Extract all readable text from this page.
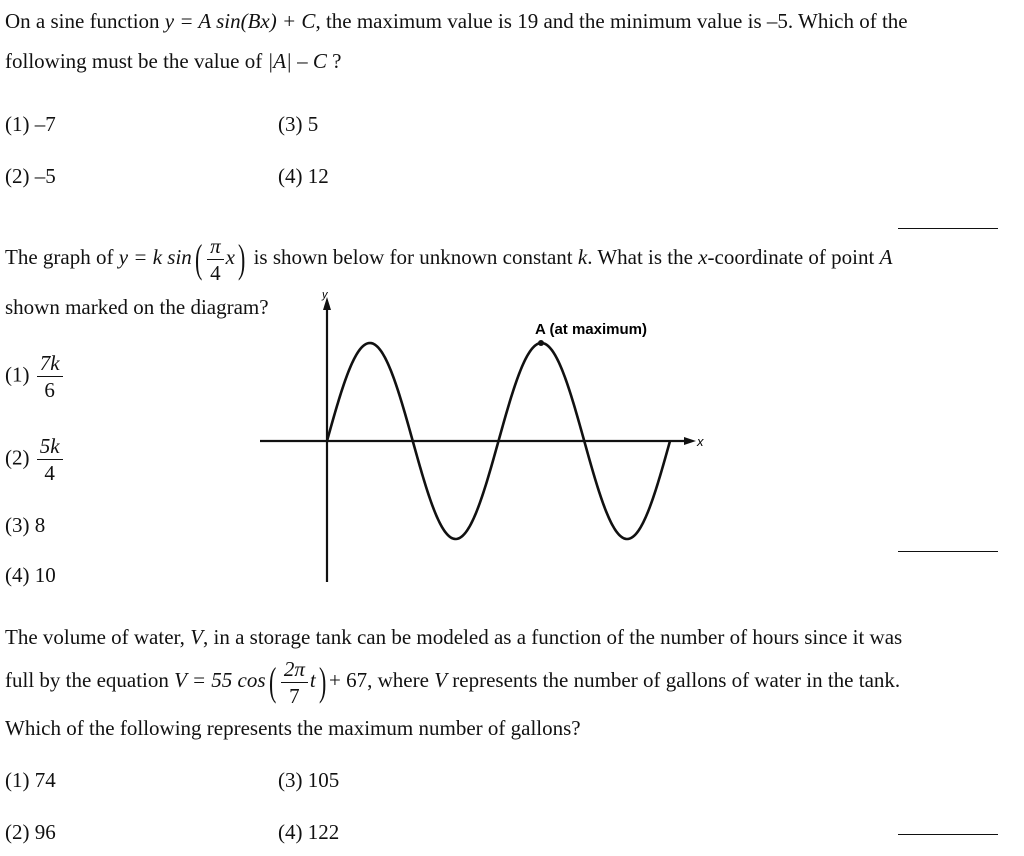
On a sine function y = A sin(Bx) + C, the maximum value is 19 and the minimum value is –5. Which of the
following must be the value of |A| – C ?
(1) –7
(2) –5
(3) 5
(4) 12
The graph of y = k $\sin( \frac{\pi}{4} x)$ is shown below for unknown constant k. What is the x-coordinate of point A
shown marked on the diagram?
$(1) \frac{7k}{6}$
$(2) \frac{5k}{4}$
(3) 8
(4) 10
y
x
A (at maximum)
The volume of water, V, in a storage tank can be modeled as a function of the number of hours since it was
full by the equation V = 55 $\cos( \frac{2\pi}{7} t) + 67$, where V represents the number of gallons of water in the tank.
Which of the following represents the maximum number of gallons?
(1) 74
(2) 96
(3) 105
(4) 122
